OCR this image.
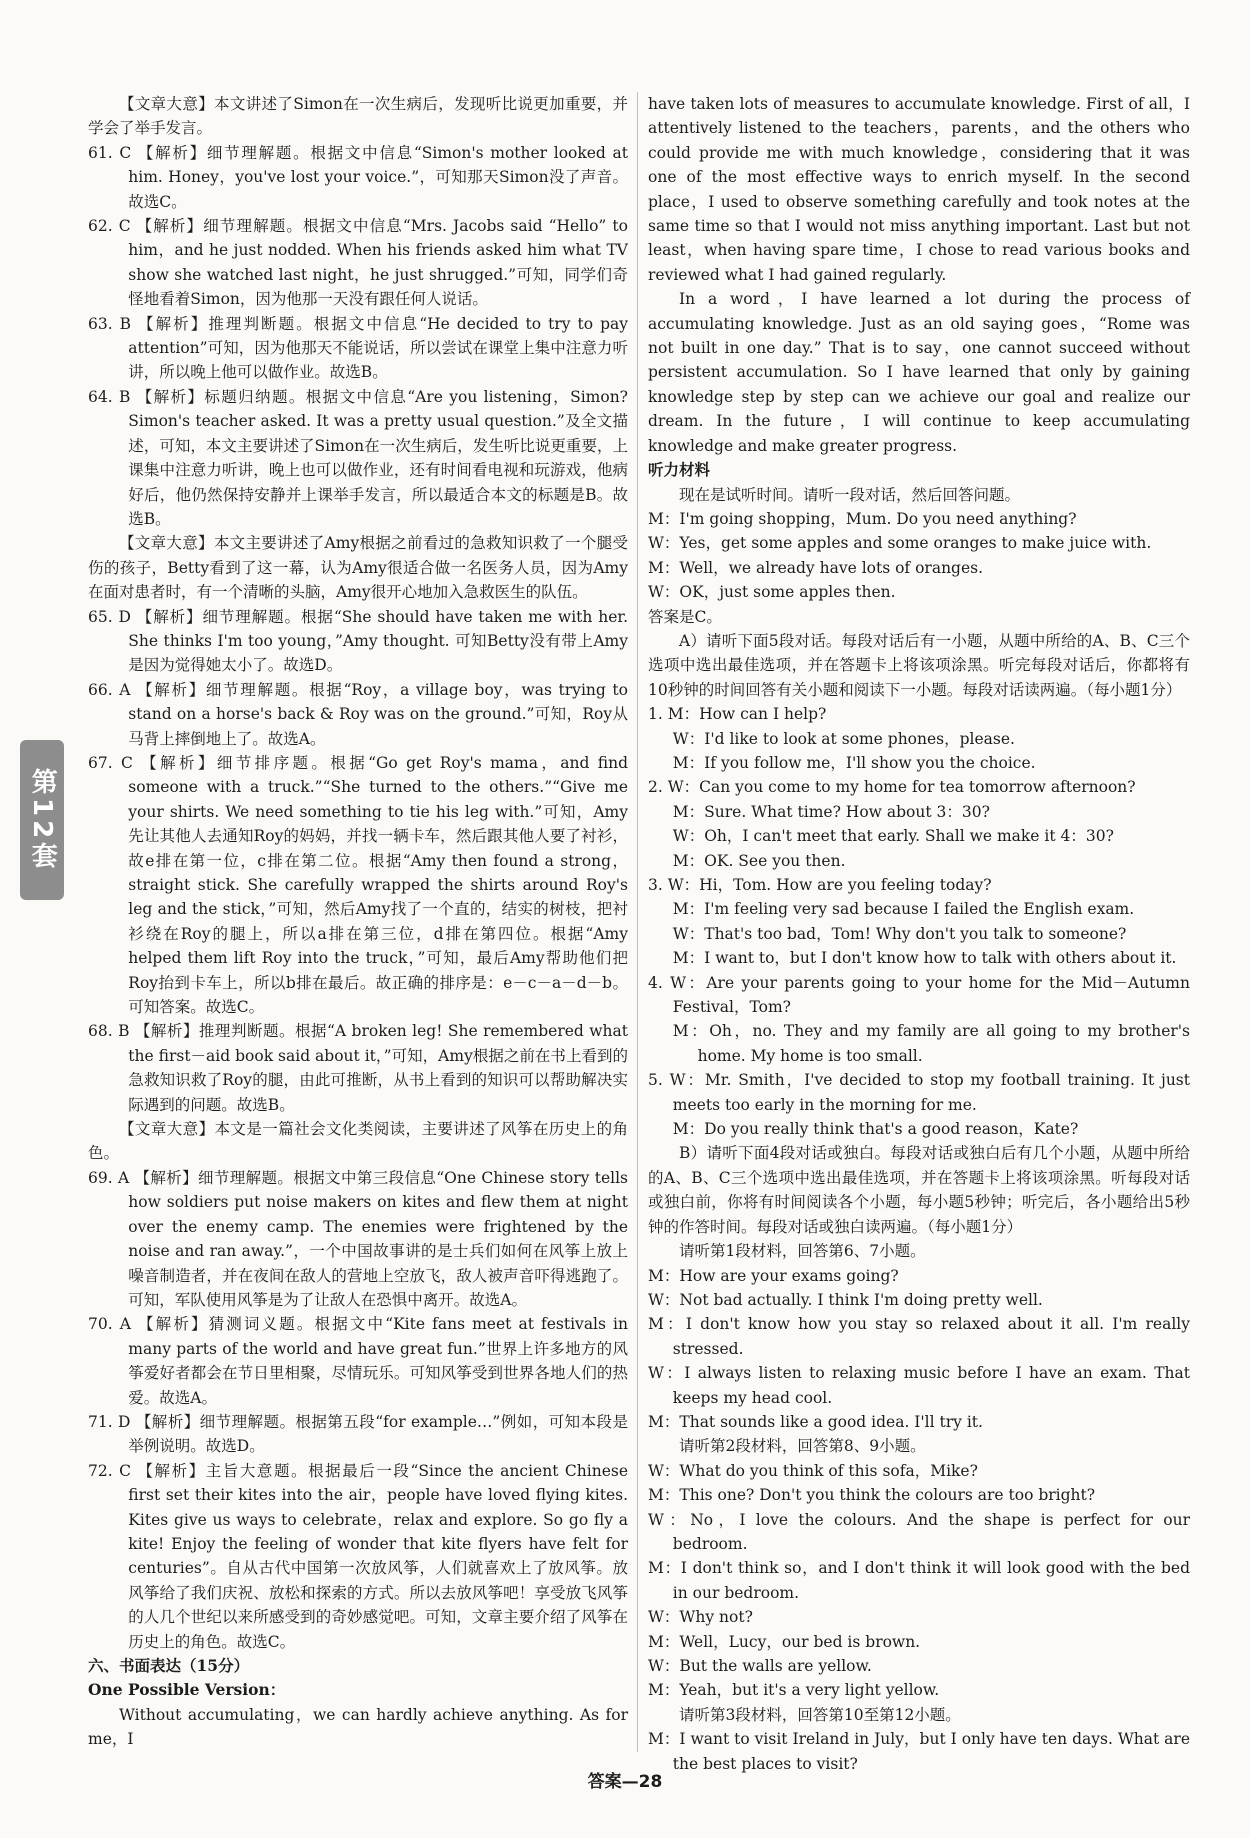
第12套

【文章大意】本文讲述了Simon在一次生病后，发现听比说更加重要，并学会了举手发言。

61. C 【解析】细节理解题。根据文中信息“Simon's mother looked at him. Honey，you've lost your voice.”，可知那天Simon没了声音。故选C。

62. C 【解析】细节理解题。根据文中信息“Mrs. Jacobs said “Hello” to him，and he just nodded. When his friends asked him what TV show she watched last night，he just shrugged.”可知，同学们奇怪地看着Simon，因为他那一天没有跟任何人说话。

63. B 【解析】推理判断题。根据文中信息“He decided to try to pay attention”可知，因为他那天不能说话，所以尝试在课堂上集中注意力听讲，所以晚上他可以做作业。故选B。

64. B 【解析】标题归纳题。根据文中信息“Are you listening，Simon? Simon's teacher asked. It was a pretty usual question.”及全文描述，可知，本文主要讲述了Simon在一次生病后，发生听比说更重要，上课集中注意力听讲，晚上也可以做作业，还有时间看电视和玩游戏，他病好后，他仍然保持安静并上课举手发言，所以最适合本文的标题是B。故选B。

【文章大意】本文主要讲述了Amy根据之前看过的急救知识救了一个腿受伤的孩子，Betty看到了这一幕，认为Amy很适合做一名医务人员，因为Amy在面对患者时，有一个清晰的头脑，Amy很开心地加入急救医生的队伍。

65. D 【解析】细节理解题。根据“She should have taken me with her. She thinks I'm too young，”Amy thought. 可知Betty没有带上Amy是因为觉得她太小了。故选D。

66. A 【解析】细节理解题。根据“Roy，a village boy，was trying to stand on a horse's back & Roy was on the ground.”可知，Roy从马背上摔倒地上了。故选A。

67. C 【解析】细节排序题。根据“Go get Roy's mama，and find someone with a truck.”“She turned to the others.”“Give me your shirts. We need something to tie his leg with.”可知，Amy先让其他人去通知Roy的妈妈，并找一辆卡车，然后跟其他人要了衬衫，故e排在第一位，c排在第二位。根据“Amy then found a strong，straight stick. She carefully wrapped the shirts around Roy's leg and the stick，”可知，然后Amy找了一个直的，结实的树枝，把衬衫绕在Roy的腿上，所以a排在第三位，d排在第四位。根据“Amy helped them lift Roy into the truck，”可知，最后Amy帮助他们把Roy抬到卡车上，所以b排在最后。故正确的排序是：e－c－a－d－b。可知答案。故选C。

68. B 【解析】推理判断题。根据“A broken leg! She remembered what the first－aid book said about it，”可知，Amy根据之前在书上看到的急救知识救了Roy的腿，由此可推断，从书上看到的知识可以帮助解决实际遇到的问题。故选B。

【文章大意】本文是一篇社会文化类阅读，主要讲述了风筝在历史上的角色。

69. A 【解析】细节理解题。根据文中第三段信息“One Chinese story tells how soldiers put noise makers on kites and flew them at night over the enemy camp. The enemies were frightened by the noise and ran away.”，一个中国故事讲的是士兵们如何在风筝上放上噪音制造者，并在夜间在敌人的营地上空放飞，敌人被声音吓得逃跑了。可知，军队使用风筝是为了让敌人在恐惧中离开。故选A。

70. A 【解析】猜测词义题。根据文中“Kite fans meet at festivals in many parts of the world and have great fun.”世界上许多地方的风筝爱好者都会在节日里相聚，尽情玩乐。可知风筝受到世界各地人们的热爱。故选A。

71. D 【解析】细节理解题。根据第五段“for example…”例如，可知本段是举例说明。故选D。

72. C 【解析】主旨大意题。根据最后一段“Since the ancient Chinese first set their kites into the air，people have loved flying kites. Kites give us ways to celebrate，relax and explore. So go fly a kite! Enjoy the feeling of wonder that kite flyers have felt for centuries”。自从古代中国第一次放风筝，人们就喜欢上了放风筝。放风筝给了我们庆祝、放松和探索的方式。所以去放风筝吧！享受放飞风筝的人几个世纪以来所感受到的奇妙感觉吧。可知，文章主要介绍了风筝在历史上的角色。故选C。

六、书面表达（15分）

One Possible Version：

Without accumulating，we can hardly achieve anything. As for me，I

have taken lots of measures to accumulate knowledge. First of all，I attentively listened to the teachers，parents，and the others who could provide me with much knowledge，considering that it was one of the most effective ways to enrich myself. In the second place，I used to observe something carefully and took notes at the same time so that I would not miss anything important. Last but not least，when having spare time，I chose to read various books and reviewed what I had gained regularly.

In a word，I have learned a lot during the process of accumulating knowledge. Just as an old saying goes，“Rome was not built in one day.” That is to say，one cannot succeed without persistent accumulation. So I have learned that only by gaining knowledge step by step can we achieve our goal and realize our dream. In the future，I will continue to keep accumulating knowledge and make greater progress.

听力材料

现在是试听时间。请听一段对话，然后回答问题。

M：I'm going shopping，Mum. Do you need anything?

W：Yes，get some apples and some oranges to make juice with.

M：Well，we already have lots of oranges.

W：OK，just some apples then.

答案是C。

A）请听下面5段对话。每段对话后有一小题，从题中所给的A、B、C三个选项中选出最佳选项，并在答题卡上将该项涂黑。听完每段对话后，你都将有10秒钟的时间回答有关小题和阅读下一小题。每段对话读两遍。（每小题1分）

1. M：How can I help?

W：I'd like to look at some phones，please.

M：If you follow me，I'll show you the choice.

2. W：Can you come to my home for tea tomorrow afternoon?

M：Sure. What time? How about 3：30?

W：Oh，I can't meet that early. Shall we make it 4：30?

M：OK. See you then.

3. W：Hi，Tom. How are you feeling today?

M：I'm feeling very sad because I failed the English exam.

W：That's too bad，Tom! Why don't you talk to someone?

M：I want to，but I don't know how to talk with others about it.

4. W：Are your parents going to your home for the Mid－Autumn Festival，Tom?

M：Oh，no. They and my family are all going to my brother's home. My home is too small.

5. W：Mr. Smith，I've decided to stop my football training. It just meets too early in the morning for me.

M：Do you really think that's a good reason，Kate?

B）请听下面4段对话或独白。每段对话或独白后有几个小题，从题中所给的A、B、C三个选项中选出最佳选项，并在答题卡上将该项涂黑。听每段对话或独白前，你将有时间阅读各个小题，每小题5秒钟；听完后，各小题给出5秒钟的作答时间。每段对话或独白读两遍。（每小题1分）

请听第1段材料，回答第6、7小题。

M：How are your exams going?

W：Not bad actually. I think I'm doing pretty well.

M：I don't know how you stay so relaxed about it all. I'm really stressed.

W：I always listen to relaxing music before I have an exam. That keeps my head cool.

M：That sounds like a good idea. I'll try it.

请听第2段材料，回答第8、9小题。

W：What do you think of this sofa，Mike?

M：This one? Don't you think the colours are too bright?

W：No，I love the colours. And the shape is perfect for our bedroom.

M：I don't think so，and I don't think it will look good with the bed in our bedroom.

W：Why not?

M：Well，Lucy，our bed is brown.

W：But the walls are yellow.

M：Yeah，but it's a very light yellow.

请听第3段材料，回答第10至第12小题。

M：I want to visit Ireland in July，but I only have ten days. What are the best places to visit?

答案—28
